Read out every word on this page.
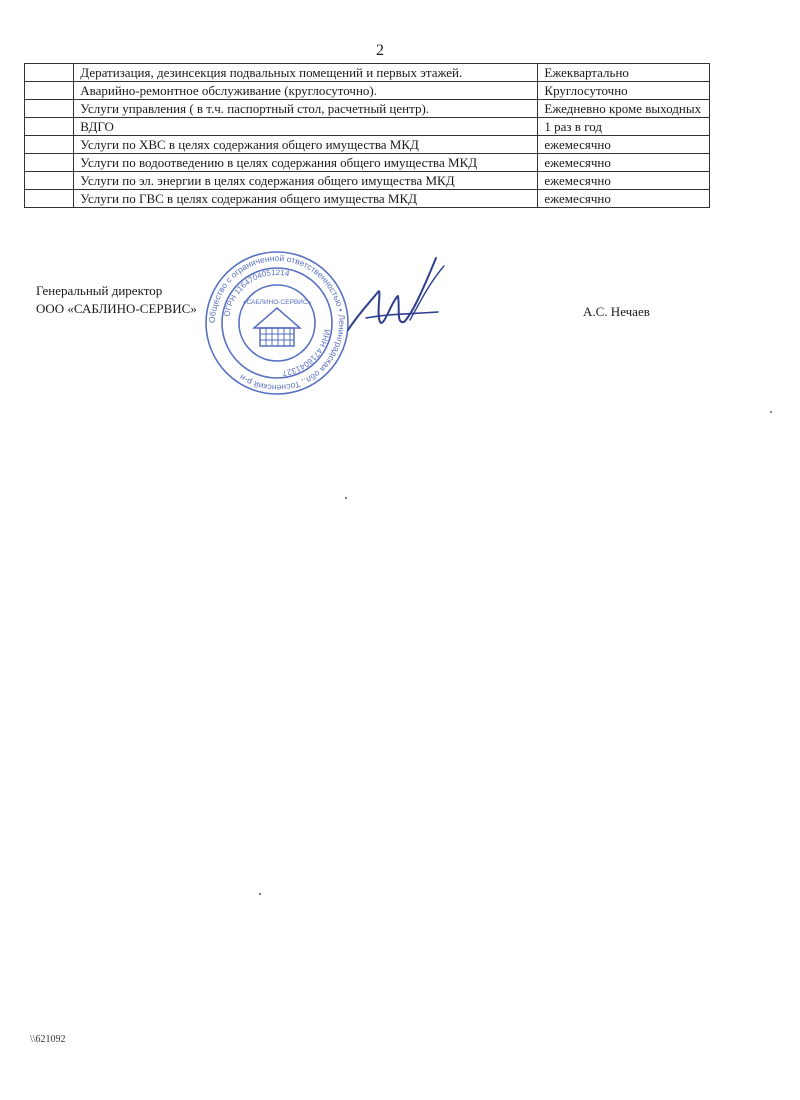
2
	Дератизация, дезинсекция подвальных помещений и первых этажей.	Ежеквартально
	Аварийно-ремонтное обслуживание (круглосуточно).	Круглосуточно
	Услуги управления ( в т.ч. паспортный стол, расчетный центр).	Ежедневно кроме выходных
	ВДГО	1 раз в год
	Услуги по ХВС в целях содержания общего имущества МКД	ежемесячно
	Услуги по водоотведению в целях содержания общего имущества МКД	ежемесячно
	Услуги по эл. энергии в целях содержания общего имущества МКД	ежемесячно
	Услуги по ГВС в целях содержания общего имущества МКД	ежемесячно
Генеральный директор
ООО «САБЛИНО-СЕРВИС»
Общество с ограниченной ответственностью • Ленинградская обл., Тосненский р-н
ОГРН 1164704051214
ИНН 4716041327
«САБЛИНО-СЕРВИС»
А.С. Нечаев
\\621092
